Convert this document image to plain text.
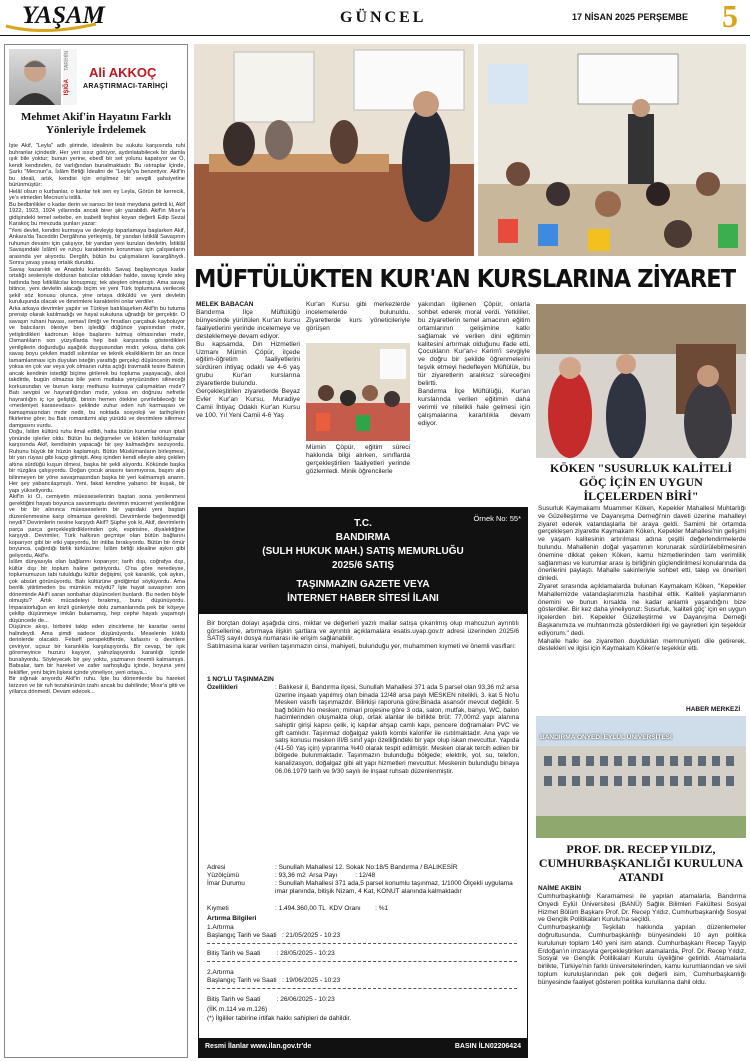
YAŞAM	GÜNCEL	17 NİSAN 2025 PERŞEMBE 5
TARİHİN
IŞIĞA
Ali AKKOÇ
ARAŞTIRMACI-TARİHÇİ
Mehmet Akif'in Hayatını Farklı Yönleriyle İrdelemek
İşte Akif, "Leyla" adlı şiirinde, idealinin bu sukutu karşısında ruhi buhranlar içindedir. Her yeri ıssız görüyor, aydınlatabilecek bir damla ışık bile yoktur; bunun yerine, ebedî bir set yolunu kapatıyor ve Ö, kendi kendinden, öz varlığından bunalmaktadır. Bu ıstıraplar içinde, Şarkı "Mecnun"a, İslâm Birliği İdealini de "Leyla"ya benzetiyor. Akif'in bu ideali, artık, kendisi için erişilmez bir sevgili şahsiyetine bürünmüştür:
Helâl olsun o kurbanlar, o kanlar tek sen ey Leyla, Görün bir kerrecik, ye's etmeden Mecnun'u istilâ.
Bu bedbinlikler o kadar derin ve sarsıcı bir tesir meydana getirdi ki, Akif 1922, 1923, 1924 yıllarında ancak birer şiir yazabildi. Akif'in Mısır'a gidişindeki temel sebebe, en isabetli teşhisi koyan değerli Edip Sezai Karakoç bu mevzuda şunları yazar:
"Yeni devlet, kendini kurmaya ve devleyip toparlamaya başlarken Akif, Ankara'da Taceddin Dergâhına yerleşmiş, bir yandan İstiklâl Savaşının ruhunun devamı için çalışıyor, bir yandan yeni kurulan devletin, İstiklâl Savaşındaki İslâmî ve ruhçu karakterinin korunması için çalışanların arasında yer alıyordu. Dergâh, bütün bu çalışmaların karargâhıydı. Sonra yavaş yavaş ortalık duruldu.
Savaş kazanıldı ve Anadolu kurtarıldı. Savaş başlayıncaya kadar ortalığı sesleniyle dolduran batıcılar oldukları halde, savaş içinde ateş hattında hep İstiklâlcılar konuşmuş; tek ateşten olmamıştı. Ama savaş bitince, yeni devletin alacağı biçim ve yeni Türk toplumuna verilecek şekil söz konusu olunca, yine ortaya döküldü ve yeni devletin kuruluşunda olacak ve devrimlere karakterini onlar verdiler.
Arka arkaya devrimler yapılır ve Türkiye batılılaşırken Akif'in bu tutuma prensip olarak katılmadığı ve hayal sukutuna uğradığı bir gerçektir. O savaşın ruhani havası, semavî ilmiği ve fırsatları çarçabuk kayboluyor ve batıcıların ölesiye ben işlediği düğünce yapısından mıdır, yetiştirdikleri kadronun köşe başlarını tutmuş olmasından mıdır, Osmanlıların son yüzyıllarda hep batı karşısında gösterdikleri yenilgilerin doğurduğu aşağılık duygusundan mıdır, yoksa, daha çok savaş boyu çekilen maddî sıkıntılar ve teknik eksikliklerin bir an önce tamamlanması için duyulan isteğin yarattığı gerçekçi düşüncenin midir, yoksa en çok var veya yok olmanın ruhta açtığı travmatik tesire Batının ancak kendinin istediği biçime girilerek bu topluma yaşayacağı, aksi takdirde, bugün olmazsa bile yarın mutlaka yeryüzünden silineceği korkusundan ve bunun karşı methunu kurmaya çalışmaktan mıdır? Batı sevgisi ve hayranlığından mıdır, yoksa en doğrusu nefretle hayranlığın iç içe geliştiği, birinin hemen ötekine çevrilebileceği bir «medeniyet karasevdası» şeklinde zuhur eden ruh karmaşası ve kamaşmasından mıdır nedir, bu noktada sosyoloji ve tarihçilerin fikirlerine göre; bu Batı romantizmi alıp yürüdü ve devrimlere silinmez damgasını vurdu.
Doğu, İslâm kültürü ruhu ilmal edildi, hatta bütün kurumlar onun iptali yönünde işlerler oldu. Bütün bu değişmeler ve köklen farklılaşmalar karşısında Akif, kendisinin yapacağı bir şey kalmadığını sezuyordu. Ruhunu büyük bir hüzün kaplamıştı. Bütün Müslümanların birleşmesi, bir yarı rüyası gibi kaçıp gitmişti. Ateş içinden kendi elleyle ateş çekilen altına sürdüğü kuşun ölmesi, başka bir şekli alıyordu. Kökünde başka bir rüzgâra çalışıyordu. Doğan çocuk anasını tanımıyorsa, başını alıp bilinmeyen bir yöne savaşmasından başka bir yeri kalmamıştı anarın. Her şey yabancılaşmıştı. Yeni, fakat kendine yabancı bir kuşak, bir yapı yükseliyordu.
Akif'in ki O, cemiyetin müesseselerinin baştan sona yenilenmesi gerektiğini hayatı boyunca savunmuştu devrimin mücerret yenilenliğine ve bir bir alınınca müesseselerin bir yapıdaki yeni baştan düzenlenmesine karşı olmaması gerekirdi. Devrimlerde beğenmediği neydi? Devrimlerin nesine karşıydı Akif? Şüphe yok ki, Akif, devrimlerin parça parça gerçekleştirdiklerinden çok, espirisine, diyalektiğine karşıydı. Devrimler, Türk halkının geçmişe olan bütün bağlarını koparıyor gibi bir etki yapıyordu, bir intiba bırakıyordu. Bütün bir ömür boyunca, çağırdığı birlik türküsüne; İslâm birliği idealine aykırı gibi geliyordu, Akif'e.
İslâm dünyasıyla olan bağlarını koparıyor; tarih dışı, coğrafya dışı, kültür dışı bir toplum haline getiriyordu. O'na göre neredeyse, toplumumuzun tabi tutulduğu kültür değişimi, çok karanlık, çok aykırı, çok absürt görünüyordu. Batı kültürüne girdiğimizi söylüyordu. Ama benlik yitirilmeden bu mümkün müydü? İşte hayat savaşının son döneminde Akif'i saran sonbahar düşünceleri bunlardı. Bu neden böyle olmuştu? Artık mücadeleyi bırakmış, bunu düşünüyordu. İmparatorluğun en krizli günleriyle dolu zamanlarında pek bir köşeye çekilip düşünmeye imkân bulamamış, hep cephe hayatı yaşamıştı düşüncede de...
Düşünce akışı, birbirini takip eden zincirleme bir kararlar serisi halindeydi. Ama şimdi sadece düşünüyordu. Meselenin köklü derinlerde olacaktı. Felsefî perspektiflerde, kafasını o devrilere çeviriyor, uçsuz bir karanlıkla karşılaşıyordu. Bir cevap, bir ışık göremeyince huzuru kayıyor, yalnızlaşıyordu karanlığı içinde bunalıyordu. Söyleyecek bir şey yoktu, yazmanın önemli kalmamıştı. Babıalar, tam bir hareket ve zafer sarhoşluğu içinde, boyuna yeni tekliifler, yeni biçim lişkesi içinde yöneliyor, yeni ortaya...
Bir sığınak arıyordu Akif'in ruhu. İşte bu dönemlerde bu hareket tarzının ve bir ruh tezahürünün izahı ancak bu dahilinde; Mısır'a gitti ve yıllarca dönmedi. Devam edecek...
MÜFTÜLÜKTEN KUR'AN KURSLARINA ZİYARET
MELEK BABACAN
Bandırma İlçe Müftülüğü bünyesinde yürütülen Kur'an kursu faaliyetlerini yerinde incelemeye ve desteklemeye devam ediyor.
Bu kapsamda, Din Hizmetleri Uzmanı Mümin Çöpür, ilçede eğitim-öğretim faaliyetlerini sürdüren ihtiyaç odaklı ve 4-6 yaş grubu Kur'an kurslarına ziyaretlerde bulundu.
Gerçekleştirilen ziyaretlerde Beyaz Evler Kur'an Kursu, Muradiye Camii İhtiyaç Odaklı Kur'an Kursu ve 100. Yıl Yeni Camii 4-6 Yaş
Kur'an Kursu gibi merkezlerde incelemelerde bulunuldu. Ziyaretlerde kurs yöneticileriyle görüşen
Mümin Çöpür, eğitim süreci hakkında bilgi alırken, sınıflarda gerçekleştirilen faaliyetleri yerinde gözlemledi. Minik öğrencilerle
yakından ilgilenen Çöpür, onlarla sohbet ederek moral verdi. Yetkililer, bu ziyaretlerin temel amacının eğitim ortamlarının gelişimine katkı sağlamak ve verilen dini eğitimin kalitesini artırmak olduğunu ifade etti. Çocukların Kur'an-ı Kerim'i sevgiyle ve doğru bir şekilde öğrenmelerini teşvik etmeyi hedefleyen Müftülük, bu tür ziyaretlerin aralıksız süreceğini belirtti.
Bandırma İlçe Müftülüğü, Kur'an kurslarında verilen eğitimin daha verimli ve nitelikli hale gelmesi için çalışmalarına kararlılıkla devam ediyor.
Örnek No: 55*
T.C.
BANDIRMA
(SULH HUKUK MAH.) SATIŞ MEMURLUĞU
2025/6 SATIŞ
TAŞINMAZIN GAZETE VEYA
İNTERNET HABER SİTESİ İLANI
Bir borçtan dolayı aşağıda cins, miktar ve değerleri yazılı mallar satışa çıkarılmış olup mahcuzun ayrıntılı görsellerine, artırmaya ilişkin şartlara ve ayrıntılı açıklamalara esatis.uyap.gov.tr adresi üzerinden 2025/6 SATIŞ sayılı dosya numarası ile erişim sağlanabilir.
Satılmasına karar verilen taşınmazın cinsi, mahiyeti, bulunduğu yer, muhammen kıymeti ve önemli vasıfları:
1 NO'LU TAŞINMAZIN
Özellikleri	: Balıkesir il, Bandırma ilçesi, Sunullah Mahallesi 371 ada 5 parsel olan 93,36 m2 arsa üzerine inşaatı yapılmış olan binada 12/48 arsa paylı MESKEN nitelikli, 3. kat 5 No'lu Mesken vasıflı taşınmazdır. Bilirkişi raporuna göre;Binada asansör mevcut değildir. 5 bağ bölüm No mesken; mimari projesine göre 3 oda, salon, mutfak, banyo, WC, balon hacimlerinden oluşmakta olup, ortak alanlar ile birlikte brüt: 77,00m2 yapı alanına sahiptir girişi kapısı çelik, iç kapılar ahşap camlı kapı, pencere doğramaları PVC ve gift camlıdır. Taşınmaz doğalgaz yakıtlı kombi kalorifer ile ısıtılmaktadır. Ana yapı ve satış konusu mesken III/B sınıf yapı özelliğindeki bir yapı olup iskan mevcuttur. Yapıda (41-50 Yaş için) yıpranma %40 olarak tespit edilmiştir. Mesken olarak tercih edilen bir bölgede bulunmaktadır. Taşınmazın bulunduğu bölgede; elektrik, yol, su, telefon, kanalizasyon, doğalgaz gibi alt yapı hizmetleri mevcuttur. Meskenin bulunduğu binaya 06.06.1979 tarih ve 9/30 sayılı ile inşaat ruhsatı düzenlenmiştir.
Adresi	: Sunullah Mahallesi 12. Sokak No:18/5 Bandırma / BALIKESİR
Yüzölçümü	: 93,36 m2  Arsa Payı          : 12/48
İmar Durumu	: Sunullah Mahallesi 371 ada,5 parsel konumlu taşınmaz, 1/1000 Ölçekli uygulama imar planında, bitişik Nizam, 4 Kat, KONUT alanında kalmaktadır
Kıymeti	: 1.494.360,00 TL  KDV Oranı        : %1
Artırma Bilgileri
1.Artırma
Başlangıç Tarih ve Saati   : 21/05/2025 - 10:23
Bitiş Tarih ve Saati         : 28/05/2025 - 10:23
2.Artırma
Başlangıç Tarih ve Saati   : 19/06/2025 - 10:23
Bitiş Tarih ve Saati         : 26/06/2025 - 10:23
(İİK m.114 ve m.126)
(*) İlgililer tabirine irtifak hakkı sahipleri de dahildir.
Resmi İlanlar www.ilan.gov.tr'de	BASIN İLN02206424
KÖKEN "SUSURLUK KALİTELİ GÖÇ İÇİN EN UYGUN İLÇELERDEN BİRİ"
Susurluk Kaymakamı Muammer Köken, Kepekler Mahallesi Muhtarlığı ve Güzelleştirme ve Dayanışma Derneği'nin daveti üzerine mahalleyi ziyaret ederek vatandaşlarla bir araya geldi. Samimi bir ortamda gerçekleşen ziyarette Kaymakam Köken, Kepekler Mahallesi'nin gelişimi ve yaşam kalitesinin artırılması adına çeşitli değerlendirmelerde bulundu. Mahallenin doğal yaşamının korunarak sürdürülebilmesinin önemine dikkat çeken Köken, kamu hizmetlerinden tam verimlilik sağlanması ve kurumlar arası iş birliğinin güçlendirilmesi konularında da önerilerini paylaştı. Mahalle sakinleriyle sohbet etti, talep ve önerileri dinledi.
Ziyaret sırasında açıklamalarda bulunan Kaymakam Köken, "Kepekler Mahallemizde vatandaşlarımızla hasbihal ettik. Kaliteli yaşlanmanın önemini ve bunun kırsalda ne kadar anlamlı yaşandığını bize gösterdiler. Bir kez daha yineliyoruz: Susurluk, 'kaliteli göç' için en uygun ilçelerden biri. Kepekler Güzelleştirme ve Dayanışma Derneği Başkanımıza ve muhtarımıza gösterdikleri ilgi ve gayretleri için teşekkür ediyorum." dedi.
Mahalle halkı ise ziyaretten duydukları memnuniyeti dile getirerek, destekleri ve ilgisi için Kaymakam Köken'e teşekkür etti.
HABER MERKEZİ
BANDIRMA ONYEDİ EYLÜL ÜNİVERSİTESİ
PROF. DR. RECEP YILDIZ, CUMHURBAŞKANLIĞI KURULUNA ATANDI
NAİME AKBİN
Cumhurbaşkanlığı Kararnamesi ile yapılan atamalarla, Bandırma Onyedi Eylül Üniversitesi (BANÜ) Sağlık Bilimleri Fakültesi Sosyal Hizmet Bölüm Başkanı Prof. Dr. Recep Yıldız, Cumhurbaşkanlığı Sosyal ve Gençlik Politikaları Kurulu'na seçildi.
Cumhurbaşkanlığı Teşkilatı hakkında yapılan düzenlemeler doğrultusunda, Cumhurbaşkanlığı bünyesindeki 10 ayrı politika kurulunun toplam 140 yeni isim atandı. Cumhurbaşkanı Recep Tayyip Erdoğan'ın imzasıyla gerçekleştirilen atamalarda, Prof. Dr. Recep Yıldız, Sosyal ve Gençlik Politikaları Kurulu üyeliğine getirildi. Atamalarla birlikte, Türkiye'nin farklı üniversitelerinden, kamu kurumlarından ve sivil toplum kuruluşlarından pek çok değerli isim, Cumhurbaşkanlığı bünyesinde faaliyet gösteren politika kurullarına dahil oldu.
